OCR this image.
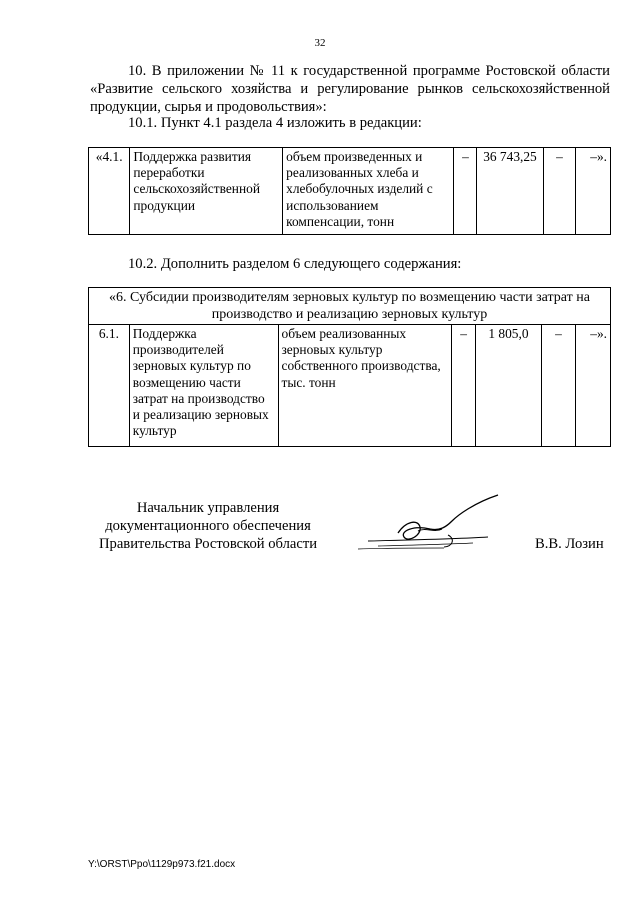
32
10. В приложении № 11 к государственной программе Ростовской области «Развитие сельского хозяйства и регулирование рынков сельскохозяйственной продукции, сырья и продовольствия»:
10.1. Пункт 4.1 раздела 4 изложить в редакции:
«4.1.	Поддержка развития переработки сельскохозяйственной продукции	объем произведенных и реализованных хлеба и хлебобулочных изделий с использованием компенсации, тонн	–	36 743,25	–	–».
10.2. Дополнить разделом 6 следующего содержания:
«6. Субсидии производителям зерновых культур по возмещению части затрат на производство и реализацию зерновых культур
6.1.	Поддержка производителей зерновых культур по возмещению части затрат на производство и реализацию зерновых культур	объем реализованных зерновых культур собственного производства, тыс. тонн	–	1 805,0	–	–».
Начальник управления документационного обеспечения Правительства Ростовской области	В.В. Лозин
Y:\ORST\Ppo\1129p973.f21.docx
